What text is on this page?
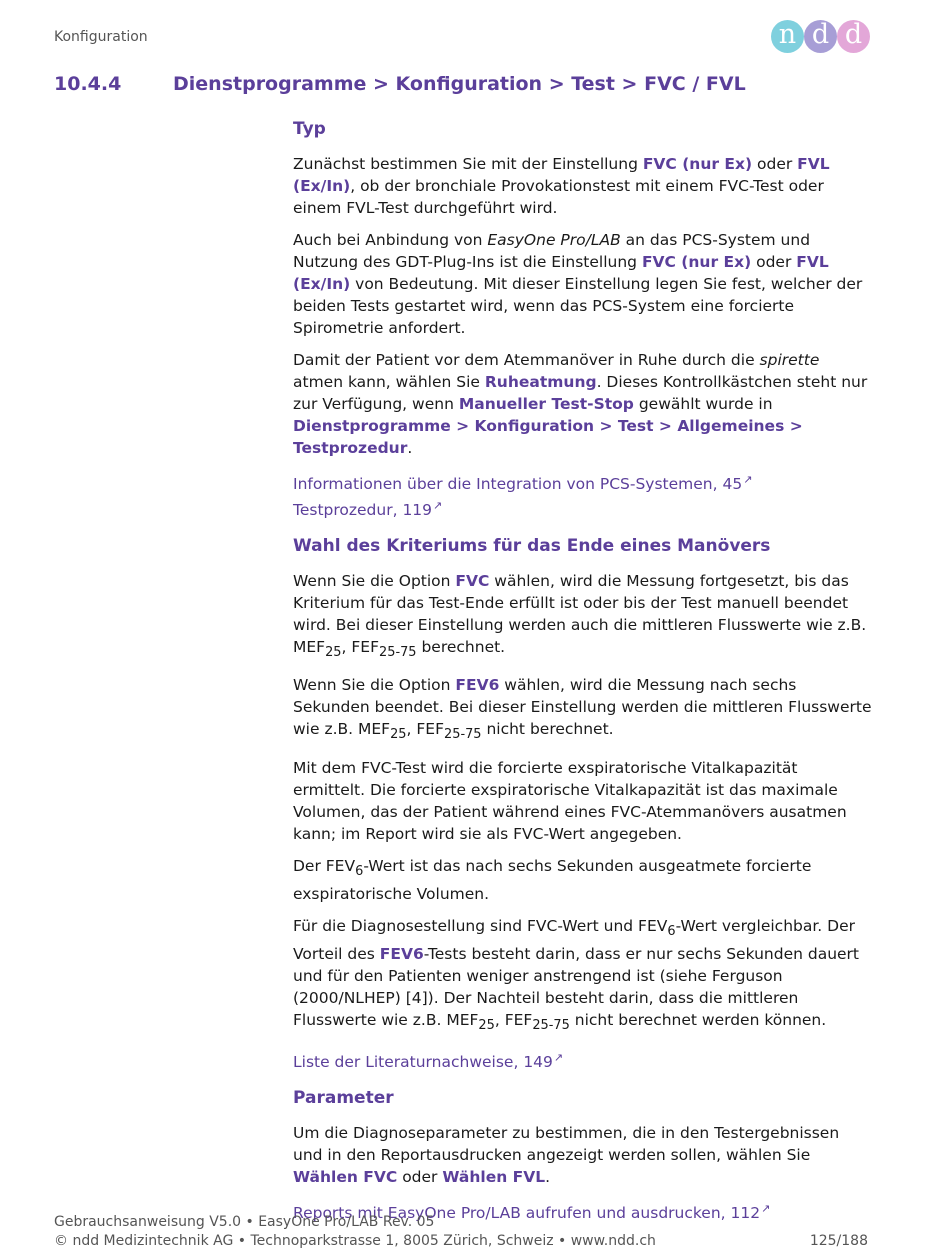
Konfiguration	n d d
10.4.4	Dienstprogramme > Konfiguration > Test > FVC / FVL
Typ

Zunächst bestimmen Sie mit der Einstellung FVC (nur Ex) oder FVL (Ex/In), ob der bronchiale Provokationstest mit einem FVC-Test oder einem FVL-Test durchgeführt wird.

Auch bei Anbindung von EasyOne Pro/LAB an das PCS-System und Nutzung des GDT-Plug-Ins ist die Einstellung FVC (nur Ex) oder FVL (Ex/In) von Bedeutung. Mit dieser Einstellung legen Sie fest, welcher der beiden Tests gestartet wird, wenn das PCS-System eine forcierte Spirometrie anfordert.

Damit der Patient vor dem Atemmanöver in Ruhe durch die spirette atmen kann, wählen Sie Ruheatmung. Dieses Kontrollkästchen steht nur zur Verfügung, wenn Manueller Test-Stop gewählt wurde in Dienstprogramme > Konfiguration > Test > Allgemeines > Testprozedur.

Informationen über die Integration von PCS-Systemen, 45↗
Testprozedur, 119↗
Wahl des Kriteriums für das Ende eines Manövers

Wenn Sie die Option FVC wählen, wird die Messung fortgesetzt, bis das Kriterium für das Test-Ende erfüllt ist oder bis der Test manuell beendet wird. Bei dieser Einstellung werden auch die mittleren Flusswerte wie z.B. $MEF_{25}$, $FEF_{25-75}$ berechnet.

Wenn Sie die Option FEV6 wählen, wird die Messung nach sechs Sekunden beendet. Bei dieser Einstellung werden die mittleren Flusswerte wie z.B. $MEF_{25}$, $FEF_{25-75}$ nicht berechnet.

Mit dem FVC-Test wird die forcierte exspiratorische Vitalkapazität ermittelt. Die forcierte exspiratorische Vitalkapazität ist das maximale Volumen, das der Patient während eines FVC-Atemmanövers ausatmen kann; im Report wird sie als FVC-Wert angegeben.

Der $FEV_6$-Wert ist das nach sechs Sekunden ausgeatmete forcierte exspiratorische Volumen.

Für die Diagnosestellung sind FVC-Wert und $FEV_6$-Wert vergleichbar. Der Vorteil des FEV6-Tests besteht darin, dass er nur sechs Sekunden dauert und für den Patienten weniger anstrengend ist (siehe Ferguson (2000/NLHEP) [4]). Der Nachteil besteht darin, dass die mittleren Flusswerte wie z.B. $MEF_{25}$, $FEF_{25-75}$ nicht berechnet werden können.

Liste der Literaturnachweise, 149↗
Parameter

Um die Diagnoseparameter zu bestimmen, die in den Testergebnissen und in den Reportausdrucken angezeigt werden sollen, wählen Sie Wählen FVC oder Wählen FVL.

Reports mit EasyOne Pro/LAB aufrufen und ausdrucken, 112↗
Gebrauchsanweisung V5.0 • EasyOne Pro/LAB Rev. 05
© ndd Medizintechnik AG • Technoparkstrasse 1, 8005 Zürich, Schweiz • www.ndd.ch	125/188
